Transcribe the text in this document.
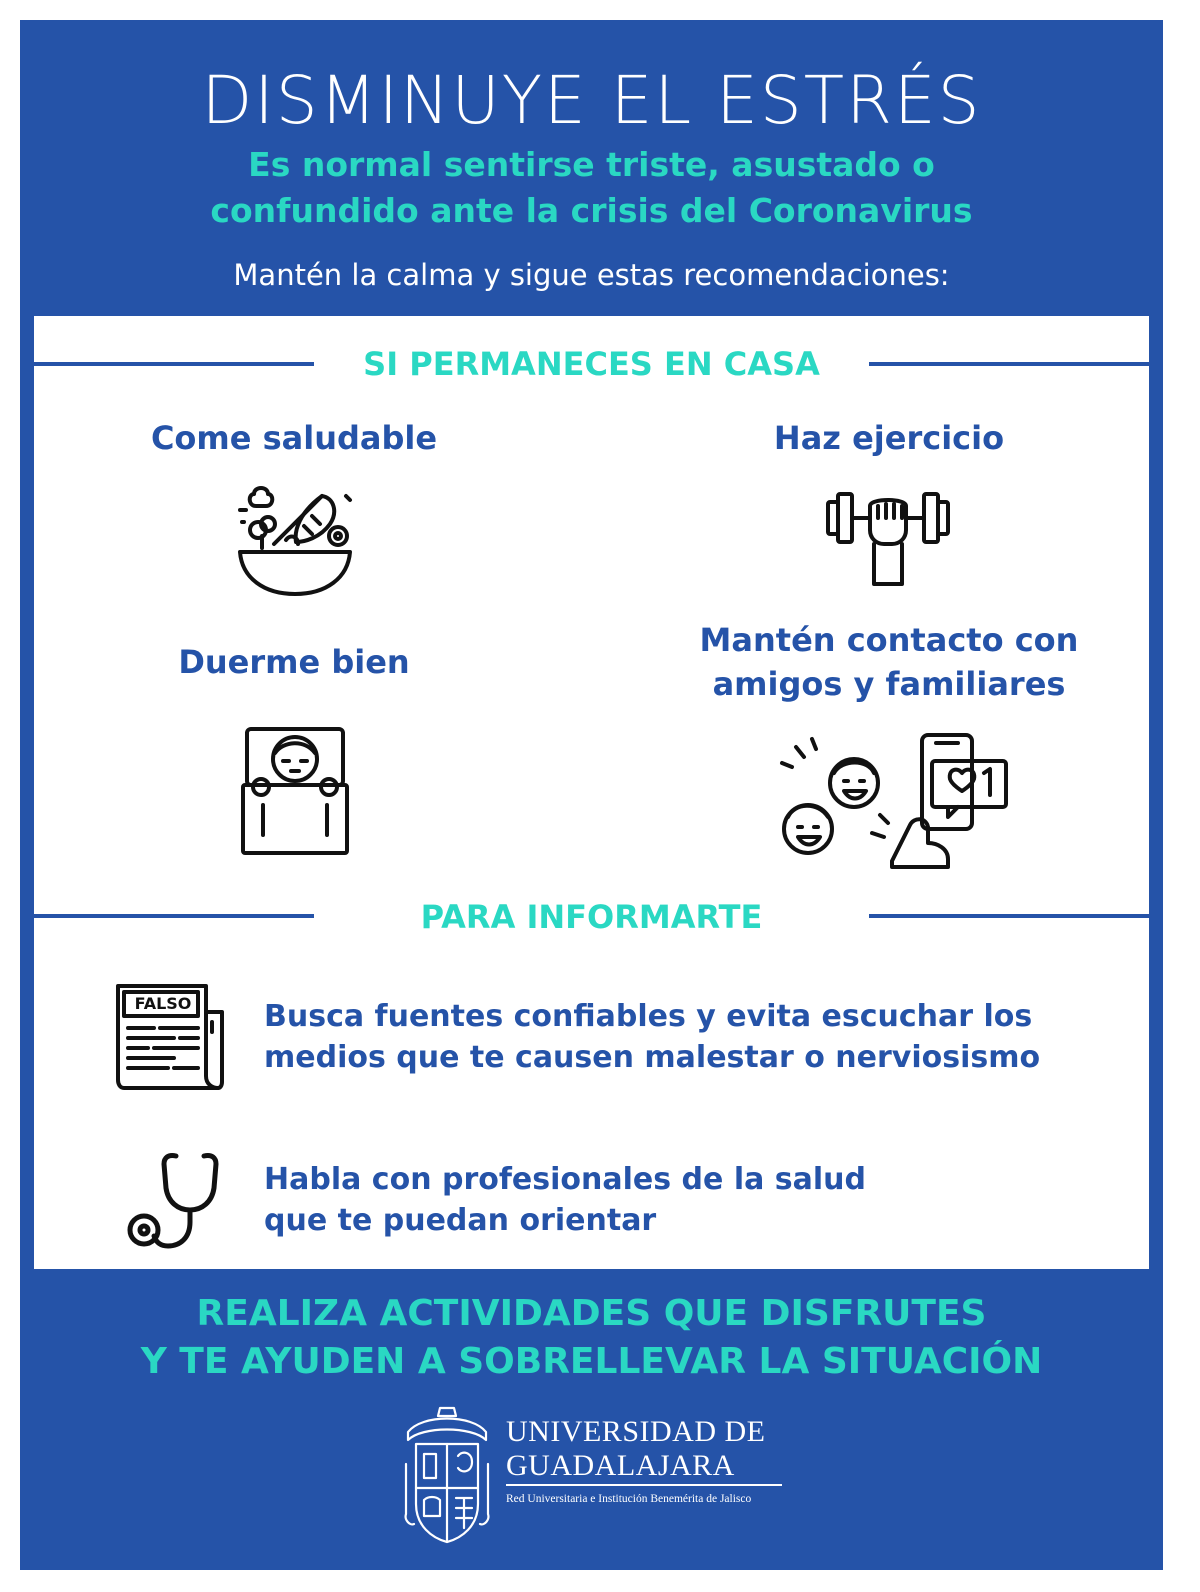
DISMINUYE EL ESTRÉS
Es normal sentirse triste, asustado o
confundido ante la crisis del Coronavirus
Mantén la calma y sigue estas recomendaciones:
SI PERMANECES EN CASA
Come saludable	Haz ejercicio
Duerme bien
Mantén contacto con
amigos y familiares
PARA INFORMARTE
FALSO Busca fuentes confiables y evita escuchar los
medios que te causen malestar o nerviosismo
Habla con profesionales de la salud
que te puedan orientar
REALIZA ACTIVIDADES QUE DISFRUTES
Y TE AYUDEN A SOBRELLEVAR LA SITUACIÓN
UNIVERSIDAD DE
GUADALAJARA
Red Universitaria e Institución Benemérita de Jalisco
